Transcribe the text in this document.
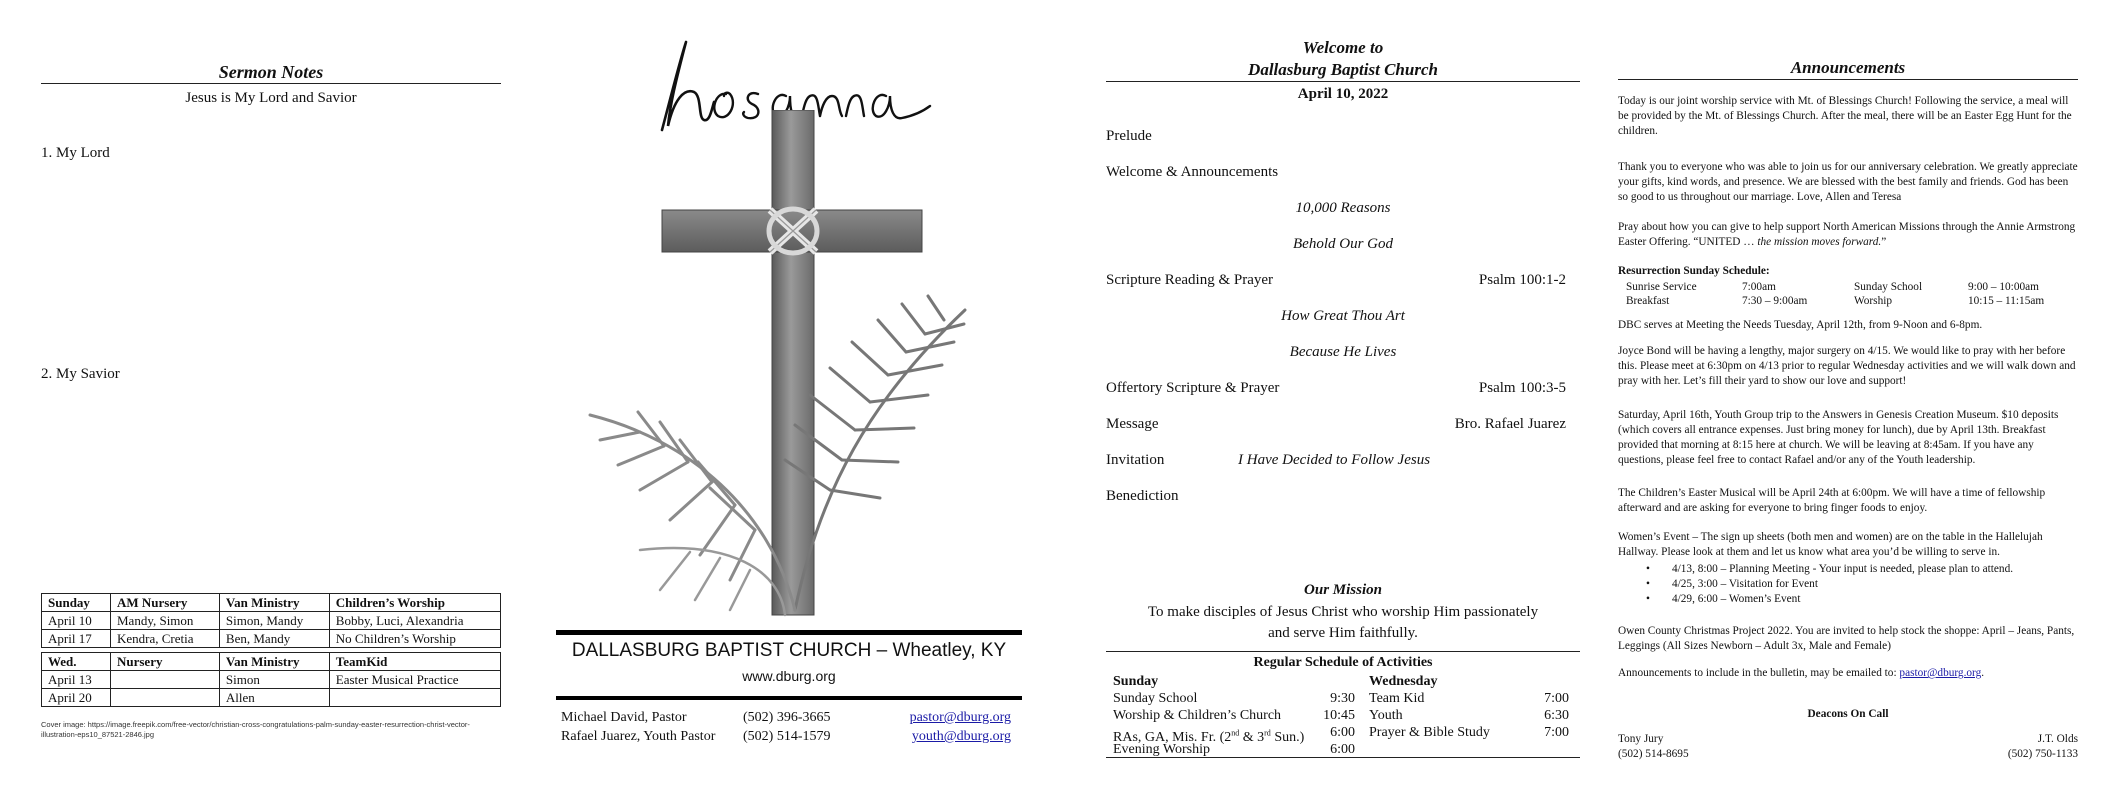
Sermon Notes
Jesus is My Lord and Savior
1. My Lord
2. My Savior
Sunday	AM Nursery	Van Ministry	Children’s Worship
April 10	Mandy, Simon	Simon, Mandy	Bobby, Luci, Alexandria
April 17	Kendra, Cretia	Ben, Mandy	No Children’s Worship

Wed.	Nursery	Van Ministry	TeamKid
April 13		Simon	Easter Musical Practice
April 20		Allen	
Cover image: https://image.freepik.com/free-vector/christian-cross-congratulations-palm-sunday-easter-resurrection-christ-vector-illustration-eps10_87521-2846.jpg
DALLASBURG BAPTIST CHURCH – Wheatley, KY
www.dburg.org
Michael David, Pastor	(502) 396-3665	pastor@dburg.org
Rafael Juarez, Youth Pastor (502) 514-1579	youth@dburg.org
Welcome to
Dallasburg Baptist Church
April 10, 2022
Prelude
Welcome & Announcements
10,000 Reasons
Behold Our God
Scripture Reading & Prayer	Psalm 100:1-2
How Great Thou Art
Because He Lives
Offertory Scripture & Prayer	Psalm 100:3-5
Message	Bro. Rafael Juarez
Invitation	I Have Decided to Follow Jesus
Benediction
Our Mission
To make disciples of Jesus Christ who worship Him passionately
and serve Him faithfully.
Regular Schedule of Activities
Sunday
Sunday School	9:30
Worship & Children’s Church	10:45
RAs, GA, Mis. Fr. (2nd & 3rd Sun.) 6:00
Evening Worship	6:00
Wednesday
Team Kid	7:00
Youth	6:30
Prayer & Bible Study	7:00
Announcements
Today is our joint worship service with Mt. of Blessings Church! Following the service, a meal will be provided by the Mt. of Blessings Church. After the meal, there will be an Easter Egg Hunt for the children.
Thank you to everyone who was able to join us for our anniversary celebration. We greatly appreciate your gifts, kind words, and presence. We are blessed with the best family and friends. God has been so good to us throughout our marriage. Love, Allen and Teresa
Pray about how you can give to help support North American Missions through the Annie Armstrong Easter Offering. “UNITED … the mission moves forward.”
Resurrection Sunday Schedule:
Sunrise Service	7:00am	Sunday School	9:00 – 10:00am
Breakfast	7:30 – 9:00am	Worship	10:15 – 11:15am
DBC serves at Meeting the Needs Tuesday, April 12th, from 9-Noon and 6-8pm.
Joyce Bond will be having a lengthy, major surgery on 4/15. We would like to pray with her before this. Please meet at 6:30pm on 4/13 prior to regular Wednesday activities and we will walk down and pray with her. Let’s fill their yard to show our love and support!
Saturday, April 16th, Youth Group trip to the Answers in Genesis Creation Museum. $10 deposits (which covers all entrance expenses. Just bring money for lunch), due by April 13th. Breakfast provided that morning at 8:15 here at church. We will be leaving at 8:45am. If you have any questions, please feel free to contact Rafael and/or any of the Youth leadership.
The Children’s Easter Musical will be April 24th at 6:00pm. We will have a time of fellowship afterward and are asking for everyone to bring finger foods to enjoy.
Women’s Event – The sign up sheets (both men and women) are on the table in the Hallelujah Hallway. Please look at them and let us know what area you’d be willing to serve in.
• 4/13, 8:00 – Planning Meeting - Your input is needed, please plan to attend.
• 4/25, 3:00 – Visitation for Event
• 4/29, 6:00 – Women’s Event
Owen County Christmas Project 2022. You are invited to help stock the shoppe: April – Jeans, Pants, Leggings (All Sizes Newborn – Adult 3x, Male and Female)
Announcements to include in the bulletin, may be emailed to: pastor@dburg.org.
Deacons On Call
Tony Jury
(502) 514-8695
J.T. Olds
(502) 750-1133
